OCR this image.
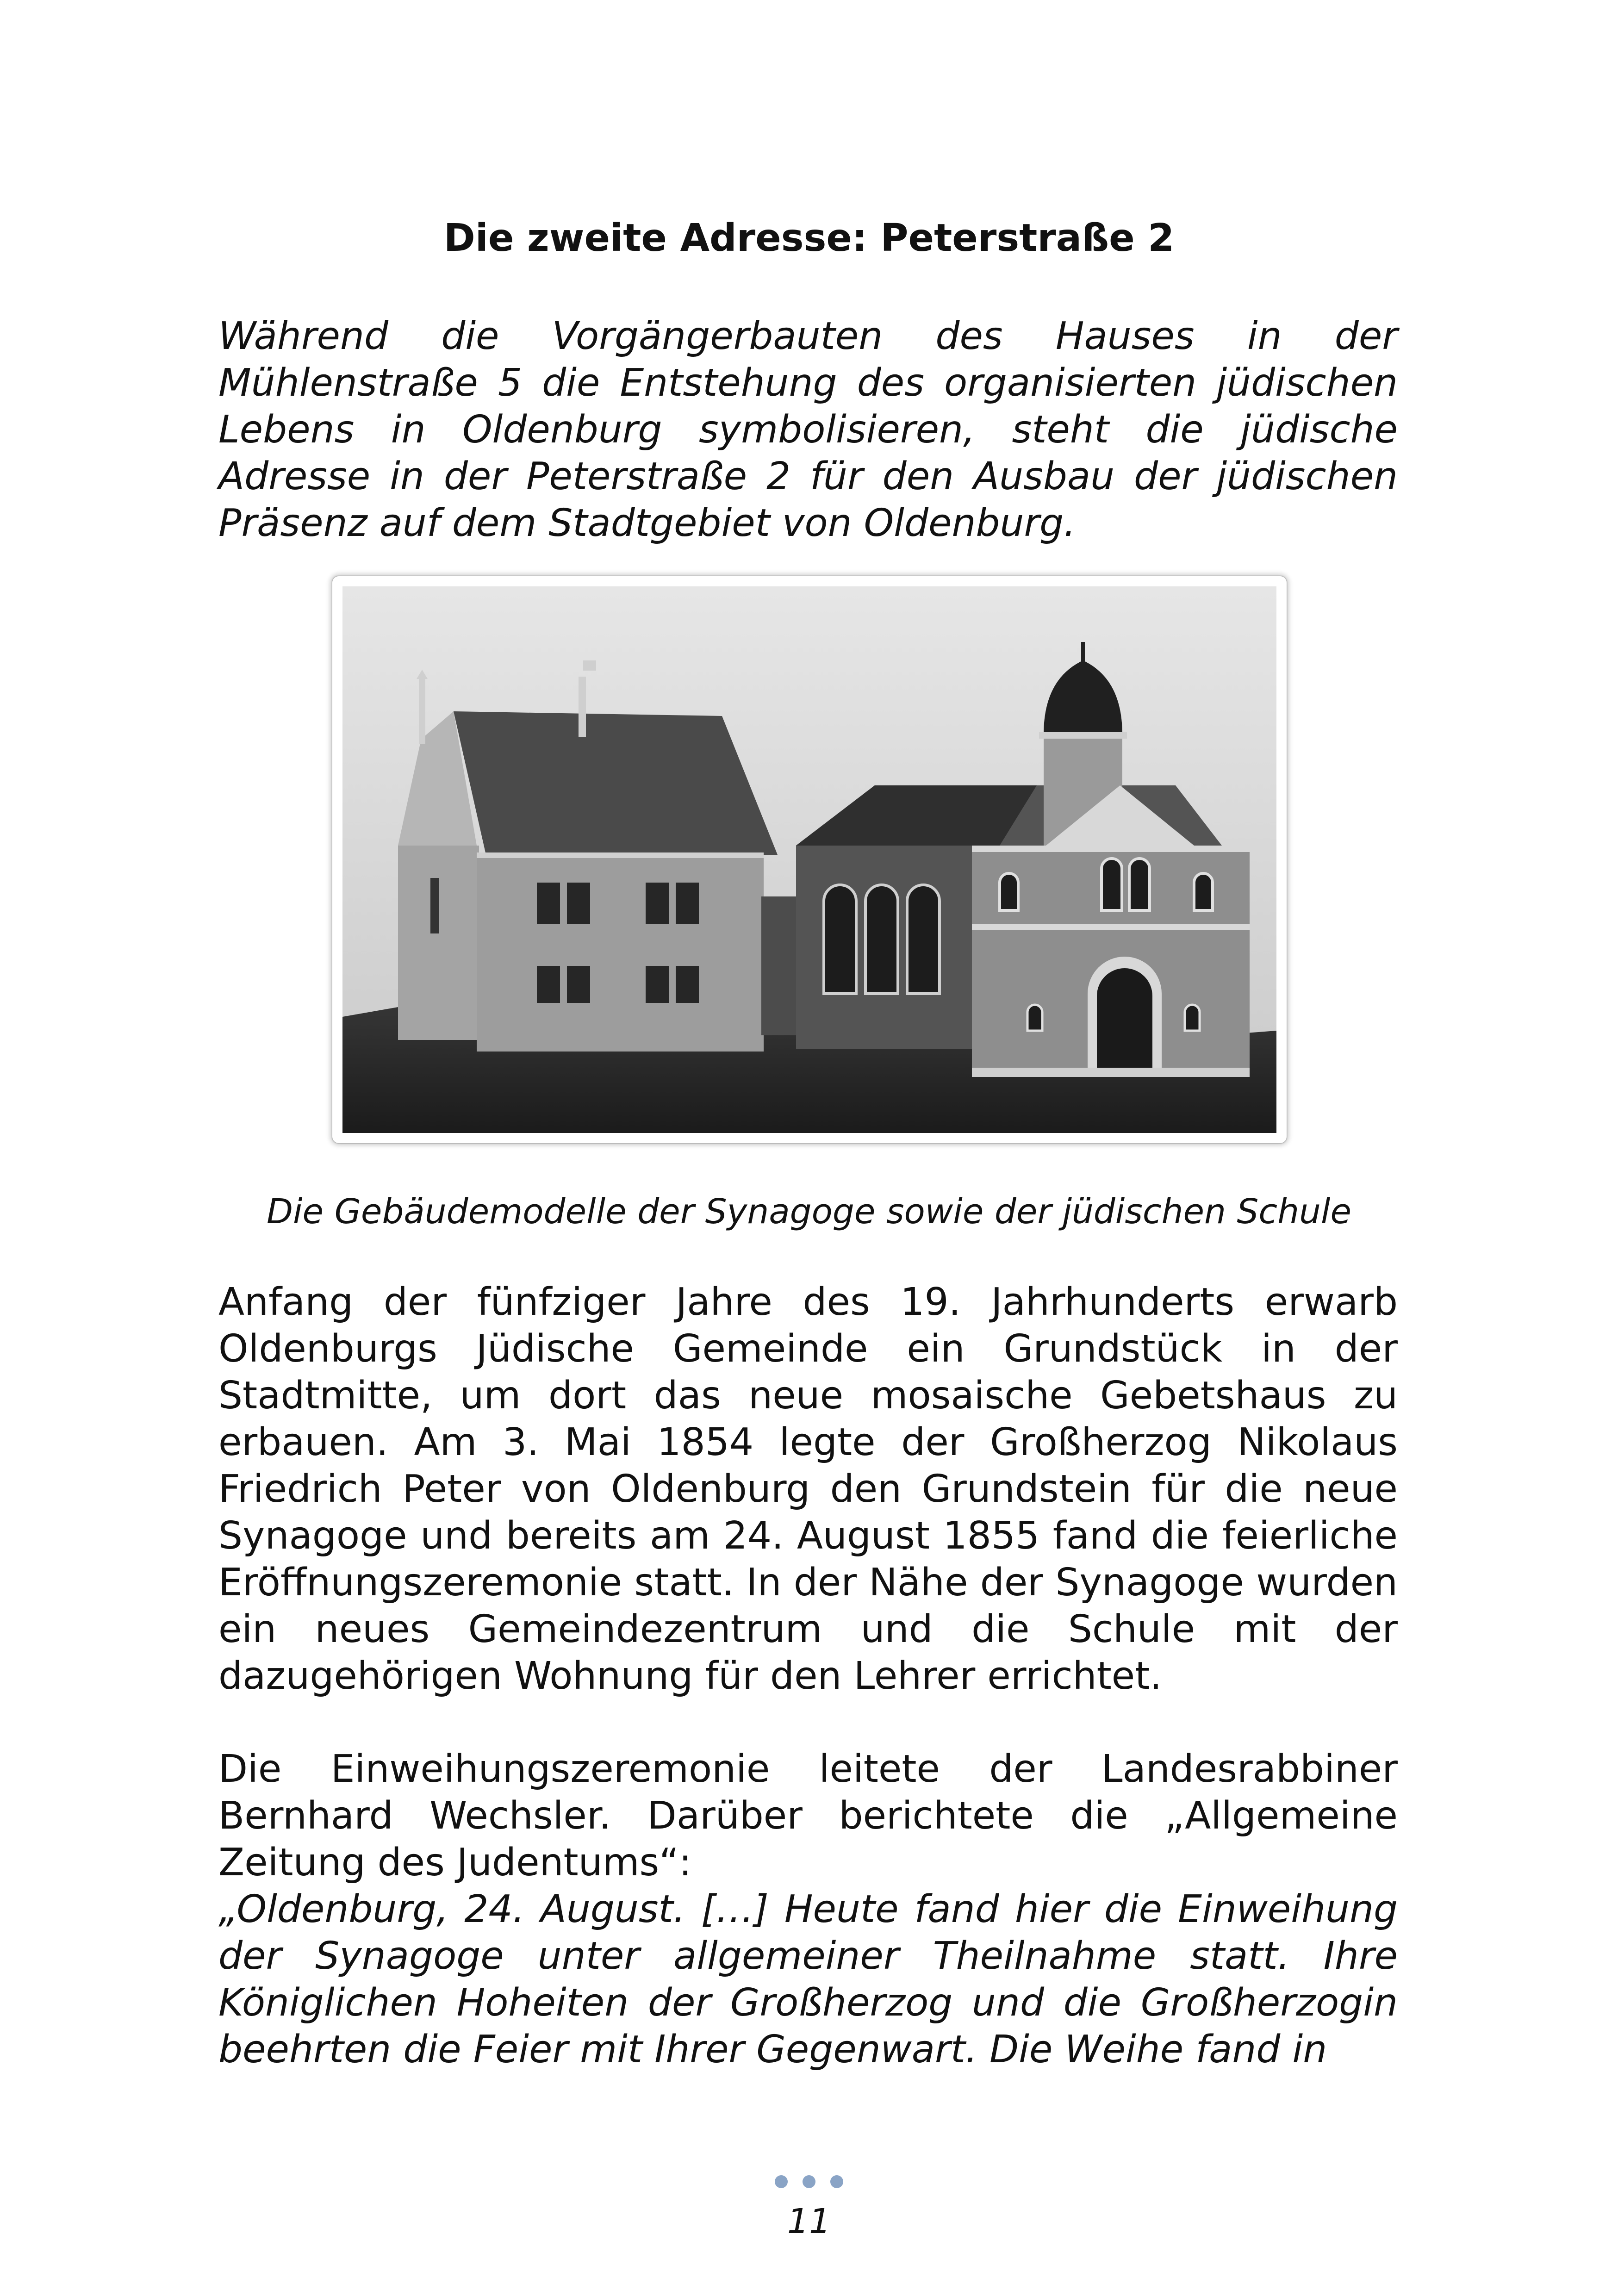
Die zweite Adresse: Peterstraße 2

Während die Vorgängerbauten des Hauses in der Mühlenstraße 5 die Entstehung des organisierten jüdischen Lebens in Oldenburg symbolisieren, steht die jüdische Adresse in der Peterstraße 2 für den Ausbau der jüdischen Präsenz auf dem Stadtgebiet von Oldenburg.

Die Gebäudemodelle der Synagoge sowie der jüdischen Schule

Anfang der fünfziger Jahre des 19. Jahrhunderts erwarb Oldenburgs Jüdische Gemeinde ein Grundstück in der Stadtmitte, um dort das neue mosaische Gebetshaus zu erbauen. Am 3. Mai 1854 legte der Großherzog Nikolaus Friedrich Peter von Oldenburg den Grundstein für die neue Synagoge und bereits am 24. August 1855 fand die feierliche Eröffnungszeremonie statt. In der Nähe der Synagoge wurden ein neues Gemeindezentrum und die Schule mit der dazugehörigen Wohnung für den Lehrer errichtet.

Die Einweihungszeremonie leitete der Landesrabbiner Bernhard Wechsler. Darüber berichtete die „Allgemeine Zeitung des Judentums“:
„Oldenburg, 24. August. […] Heute fand hier die Einweihung der Synagoge unter allgemeiner Theilnahme statt. Ihre Königlichen Hoheiten der Großherzog und die Großherzogin beehrten die Feier mit Ihrer Gegenwart. Die Weihe fand in
11
